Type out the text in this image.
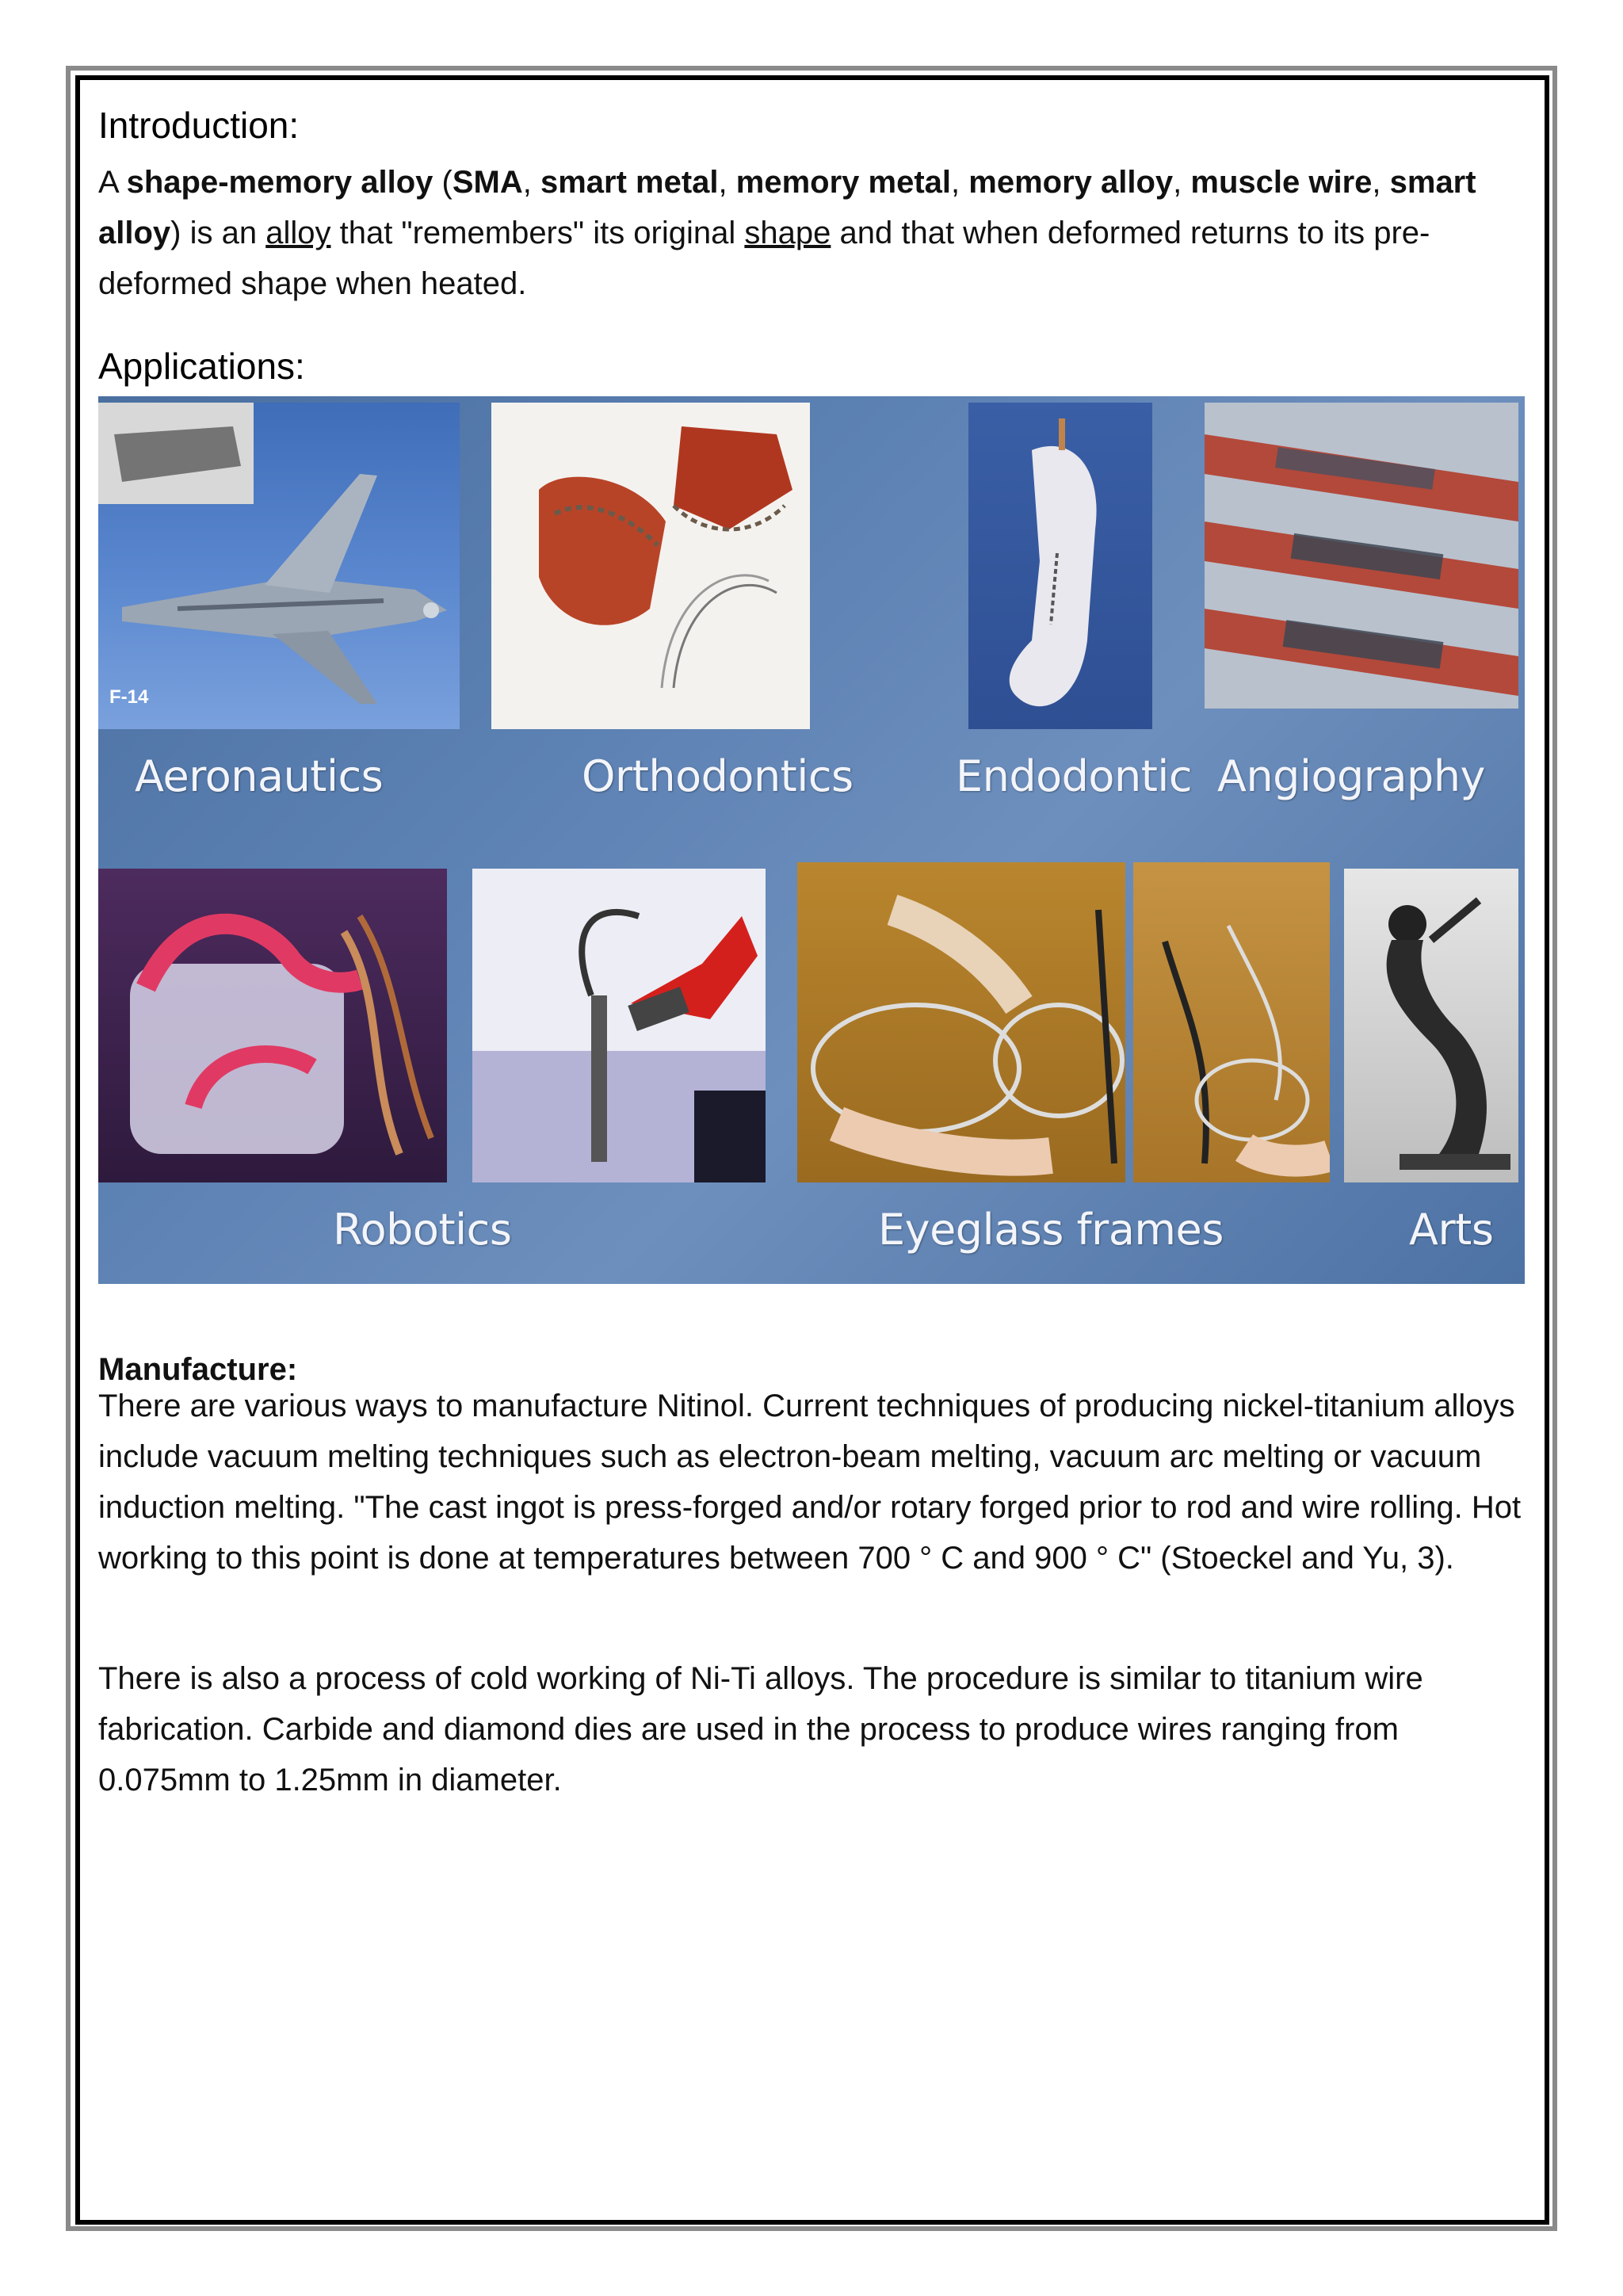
Introduction:

A shape-memory alloy (SMA, smart metal, memory metal, memory alloy, muscle wire, smart alloy) is an alloy that "remembers" its original shape and that when deformed returns to its pre-deformed shape when heated.

Applications:
F-14
Aeronautics	Orthodontics Endodontic Angiography
Robotics	Eyeglass frames	Arts
Manufacture:

There are various ways to manufacture Nitinol. Current techniques of producing nickel-titanium alloys include vacuum melting techniques such as electron-beam melting, vacuum arc melting or vacuum induction melting. "The cast ingot is press-forged and/or rotary forged prior to rod and wire rolling. Hot working to this point is done at temperatures between 700 ° C and 900 ° C" (Stoeckel and Yu, 3).

There is also a process of cold working of Ni-Ti alloys. The procedure is similar to titanium wire fabrication. Carbide and diamond dies are used in the process to produce wires ranging from 0.075mm to 1.25mm in diameter.
